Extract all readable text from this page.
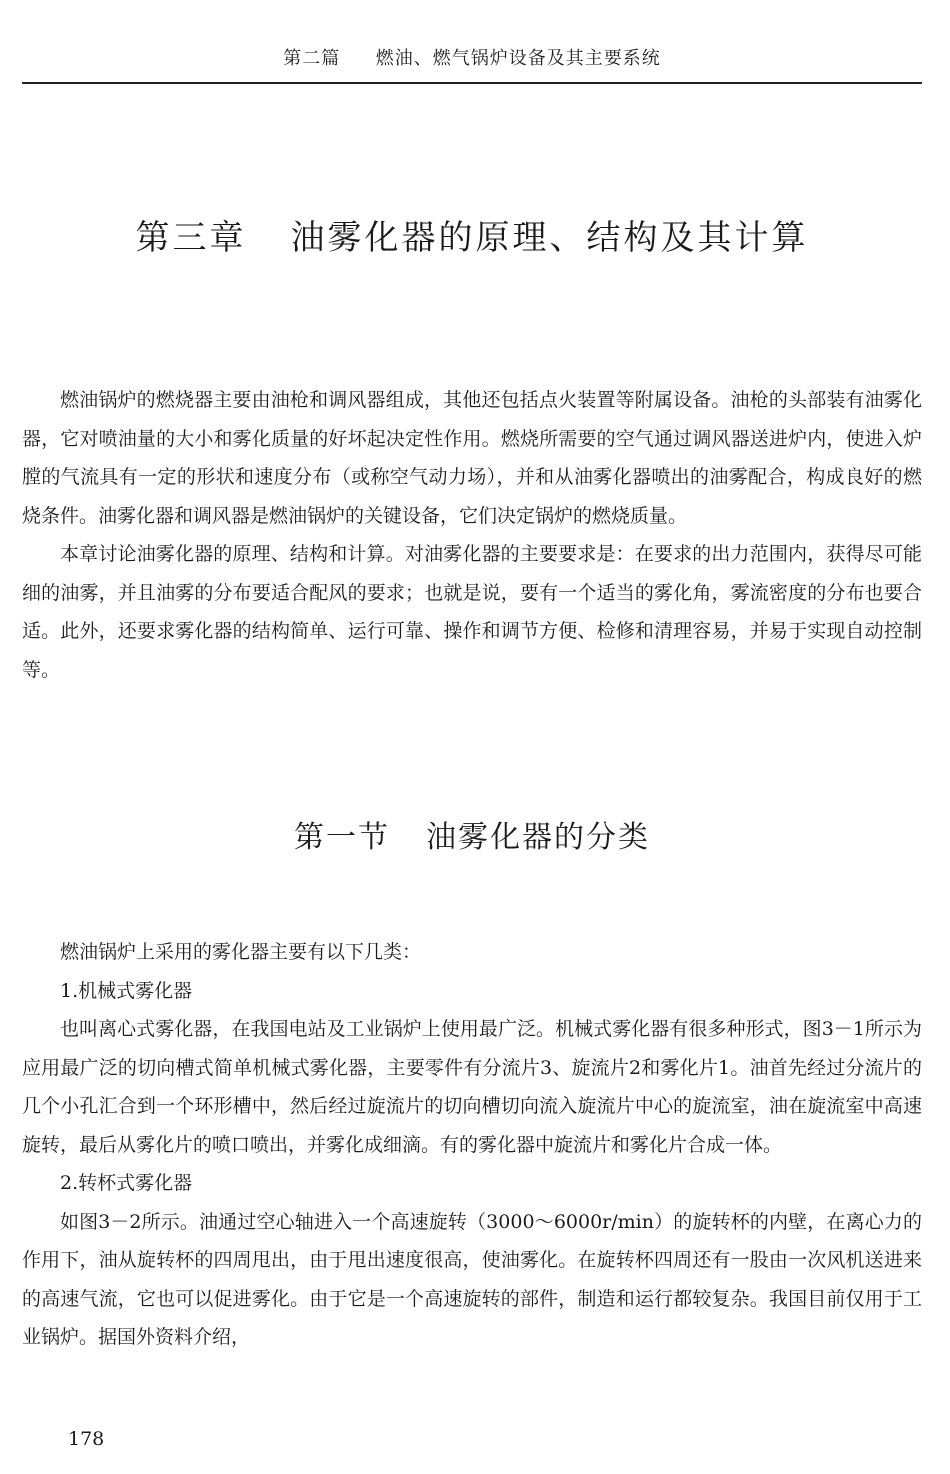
第二篇 燃油、燃气锅炉设备及其主要系统
第三章 油雾化器的原理、结构及其计算

燃油锅炉的燃烧器主要由油枪和调风器组成，其他还包括点火装置等附属设备。油枪的头部装有油雾化器，它对喷油量的大小和雾化质量的好坏起决定性作用。燃烧所需要的空气通过调风器送进炉内，使进入炉膛的气流具有一定的形状和速度分布（或称空气动力场），并和从油雾化器喷出的油雾配合，构成良好的燃烧条件。油雾化器和调风器是燃油锅炉的关键设备，它们决定锅炉的燃烧质量。

本章讨论油雾化器的原理、结构和计算。对油雾化器的主要要求是：在要求的出力范围内，获得尽可能细的油雾，并且油雾的分布要适合配风的要求；也就是说，要有一个适当的雾化角，雾流密度的分布也要合适。此外，还要求雾化器的结构简单、运行可靠、操作和调节方便、检修和清理容易，并易于实现自动控制等。

第一节 油雾化器的分类

燃油锅炉上采用的雾化器主要有以下几类：

1.机械式雾化器

也叫离心式雾化器，在我国电站及工业锅炉上使用最广泛。机械式雾化器有很多种形式，图3－1所示为应用最广泛的切向槽式简单机械式雾化器，主要零件有分流片3、旋流片2和雾化片1。油首先经过分流片的几个小孔汇合到一个环形槽中，然后经过旋流片的切向槽切向流入旋流片中心的旋流室，油在旋流室中高速旋转，最后从雾化片的喷口喷出，并雾化成细滴。有的雾化器中旋流片和雾化片合成一体。

2.转杯式雾化器

如图3－2所示。油通过空心轴进入一个高速旋转（3000～6000r/min）的旋转杯的内壁，在离心力的作用下，油从旋转杯的四周甩出，由于甩出速度很高，使油雾化。在旋转杯四周还有一股由一次风机送进来的高速气流，它也可以促进雾化。由于它是一个高速旋转的部件，制造和运行都较复杂。我国目前仅用于工业锅炉。据国外资料介绍，

178
